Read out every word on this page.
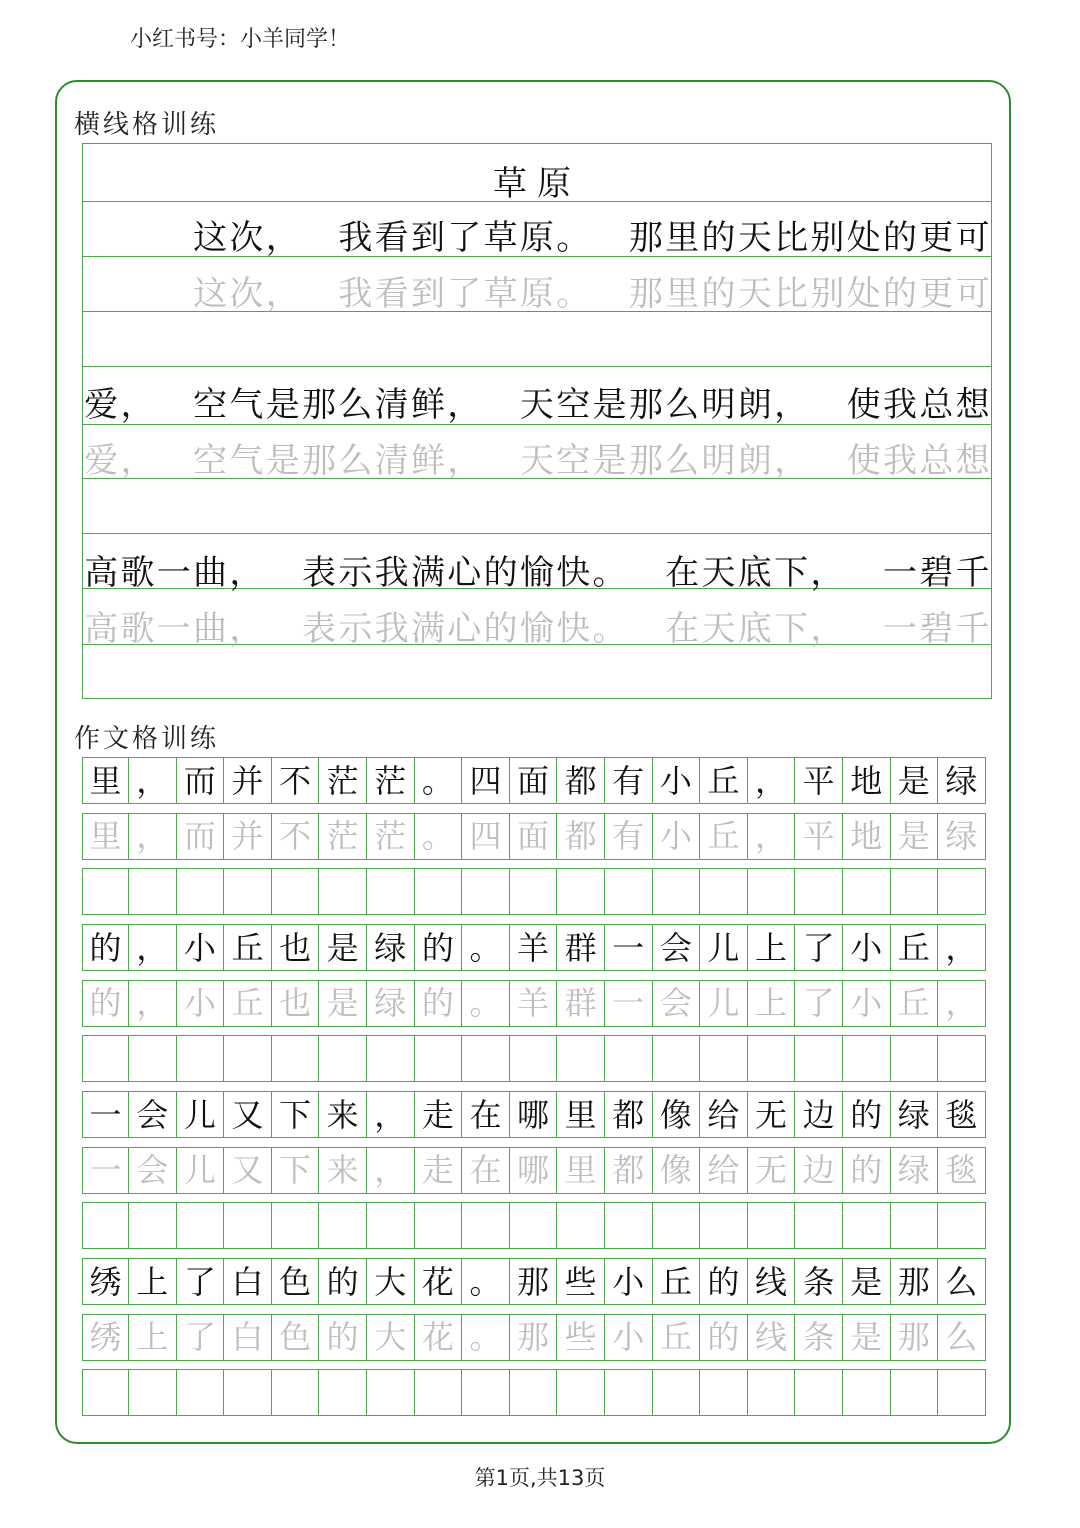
小红书号：小羊同学！
横线格训练
草原
这 次 ， 我 看 到 了 草 原 。 那 里 的 天 比 别 处 的 更 可
这 次 ， 我 看 到 了 草 原 。 那 里 的 天 比 别 处 的 更 可
爱 ， 空 气 是 那 么 清 鲜 ， 天 空 是 那 么 明 朗 ， 使 我 总 想
爱 ， 空 气 是 那 么 清 鲜 ， 天 空 是 那 么 明 朗 ， 使 我 总 想
高 歌 一 曲 ， 表 示 我 满 心 的 愉 快 。 在 天 底 下 ， 一 碧 千
高 歌 一 曲 ， 表 示 我 满 心 的 愉 快 。 在 天 底 下 ， 一 碧 千
作文格训练
里 ， 而 并 不 茫 茫 。 四 面 都 有 小 丘 ， 平 地 是 绿
里 ， 而 并 不 茫 茫 。 四 面 都 有 小 丘 ， 平 地 是 绿
的 ， 小 丘 也 是 绿 的 。 羊 群 一 会 儿 上 了 小 丘 ，
的 ， 小 丘 也 是 绿 的 。 羊 群 一 会 儿 上 了 小 丘 ，
一 会 儿 又 下 来 ， 走 在 哪 里 都 像 给 无 边 的 绿 毯
一 会 儿 又 下 来 ， 走 在 哪 里 都 像 给 无 边 的 绿 毯
绣 上 了 白 色 的 大 花 。 那 些 小 丘 的 线 条 是 那 么
绣 上 了 白 色 的 大 花 。 那 些 小 丘 的 线 条 是 那 么
第1页,共13页
